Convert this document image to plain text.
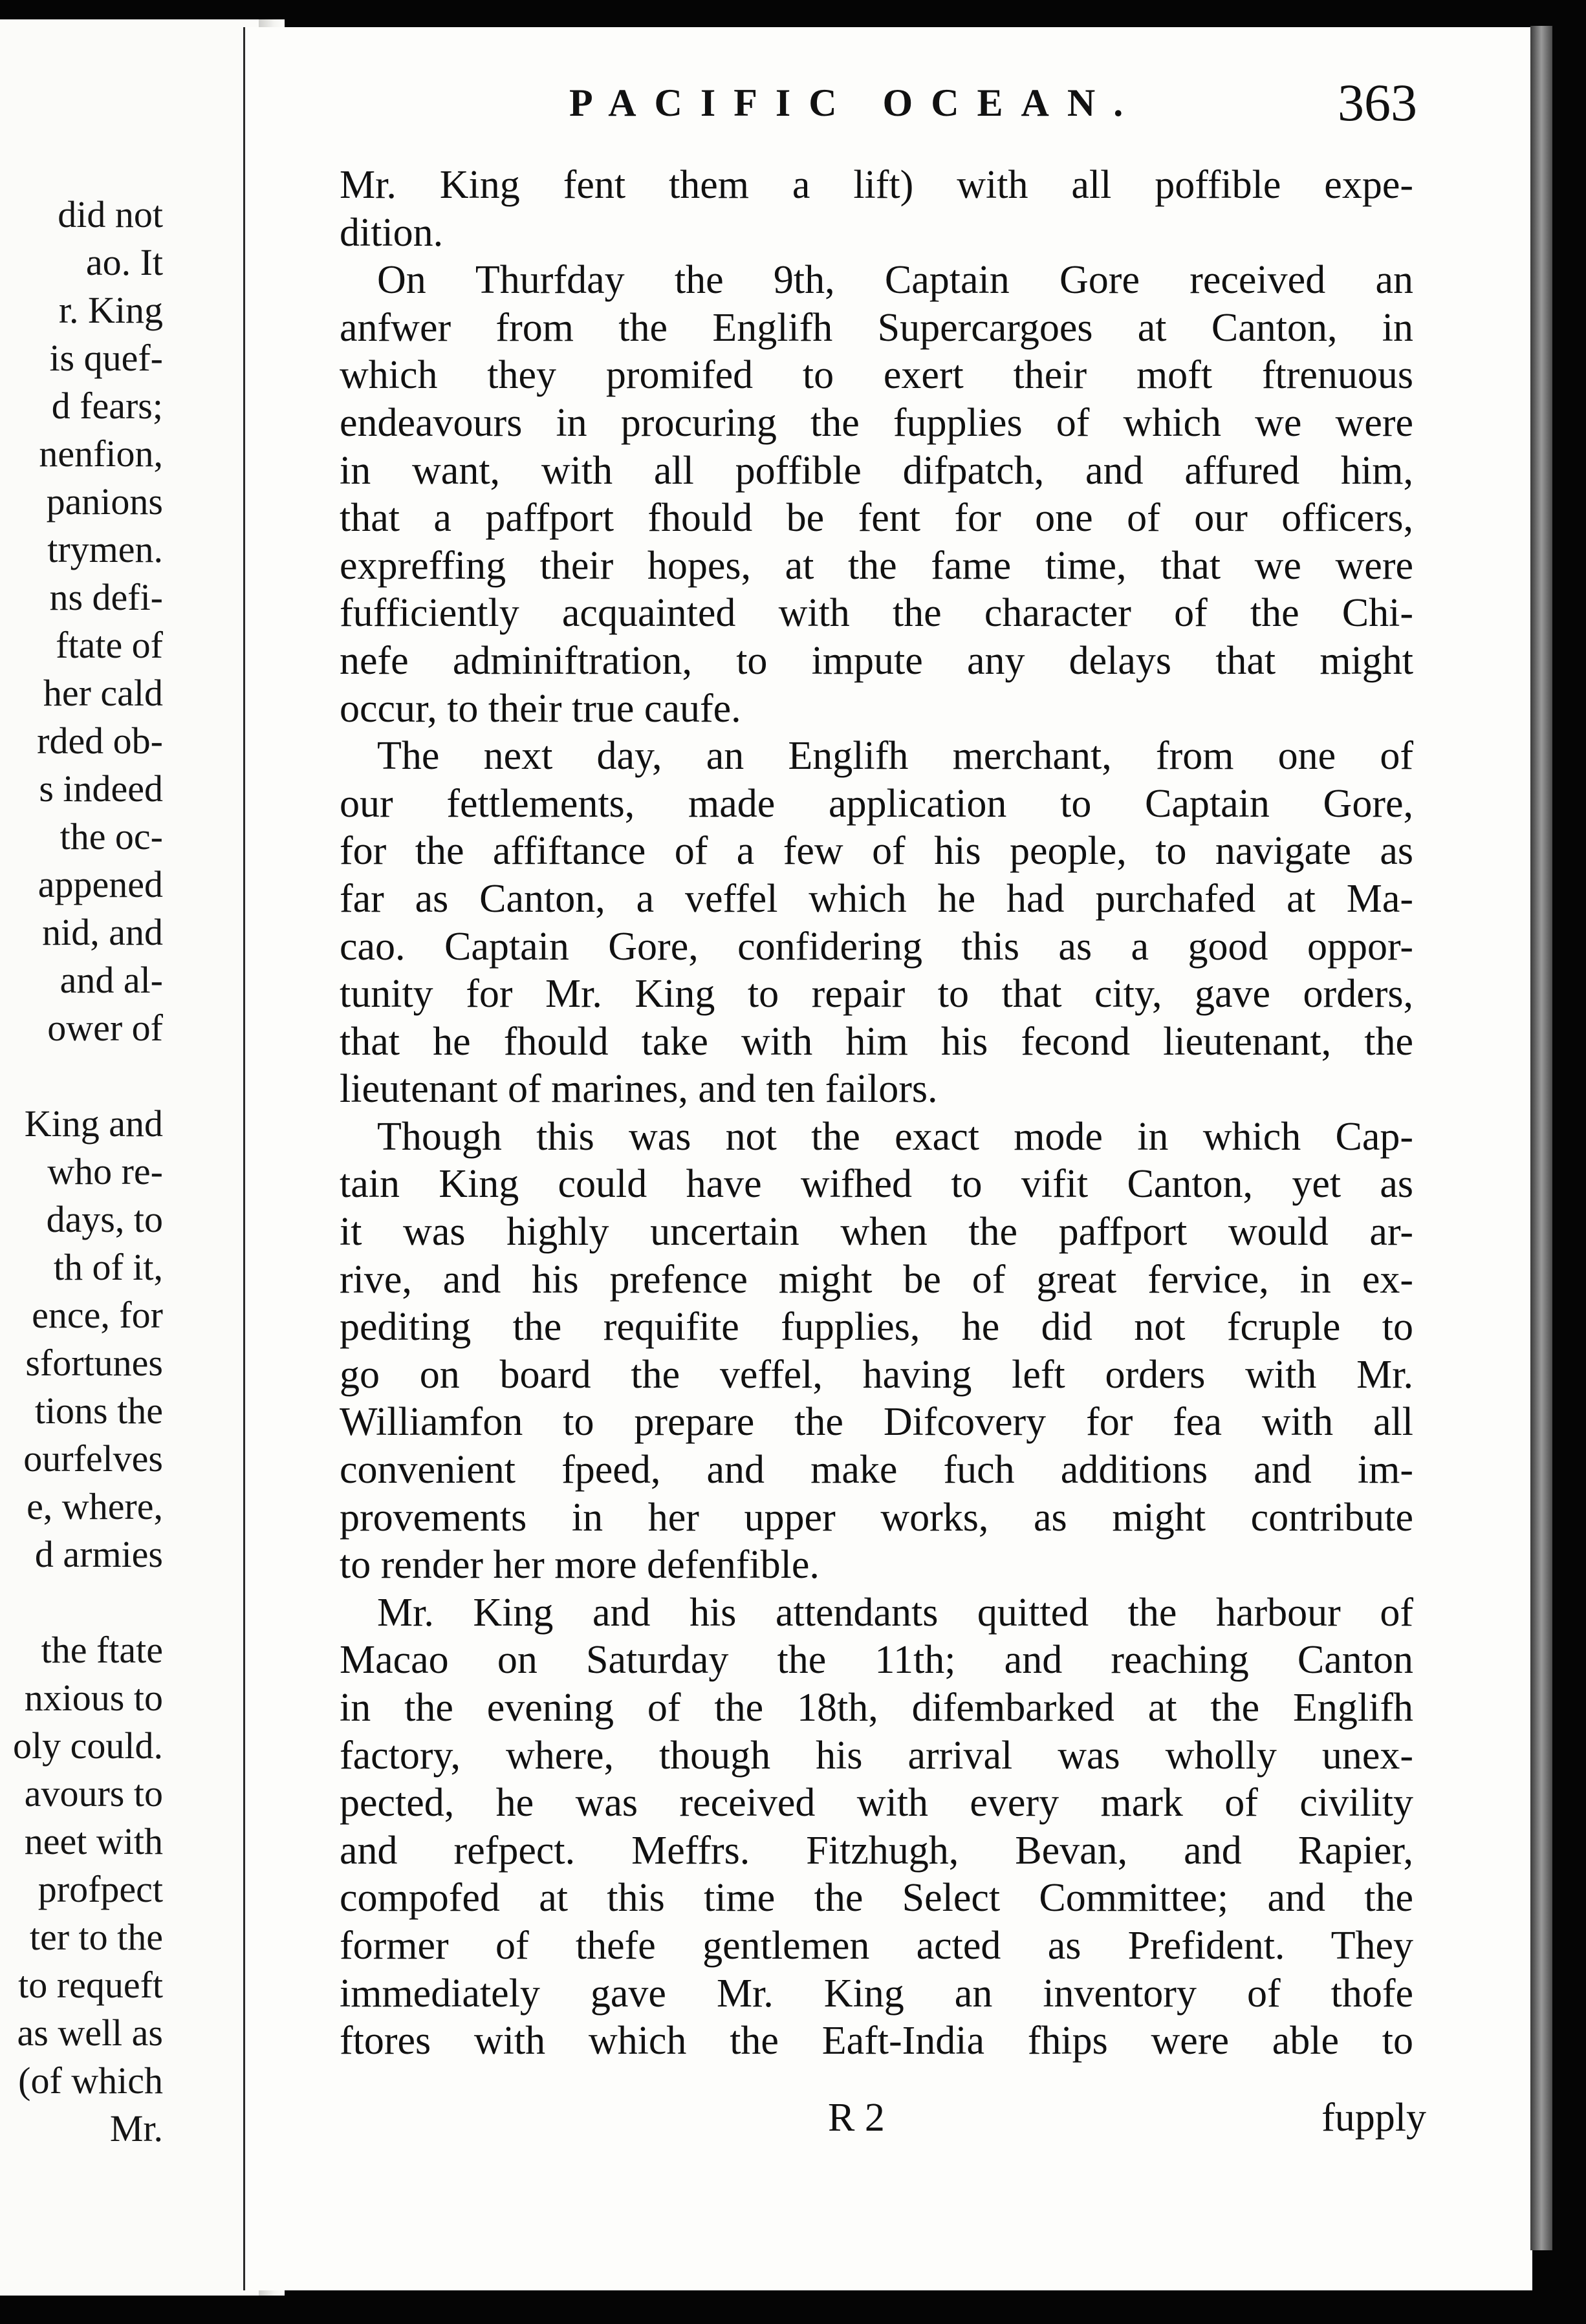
did not
ao. It
r. King
is quef-
d fears;
nenfion,
panions
trymen.
ns defi-
ftate of
her cald
rded ob-
s indeed
the oc-
appened
nid, and
and al-
ower of
King and
who re-
days, to
th of it,
ence, for
sfortunes
tions the
ourfelves
e, where,
d armies
the ftate
nxious to
oly could.
avours to
neet with
profpect
ter to the
to requeft
as well as
(of which
Mr.
PACIFIC OCEAN.	363
Mr. King fent them a lift) with all poffible expe-
dition.
On Thurfday the 9th, Captain Gore received an
anfwer from the Englifh Supercargoes at Canton, in
which they promifed to exert their moft ftrenuous
endeavours in procuring the fupplies of which we were
in want, with all poffible difpatch, and affured him,
that a paffport fhould be fent for one of our officers,
expreffing their hopes, at the fame time, that we were
fufficiently acquainted with the character of the Chi-
nefe adminiftration, to impute any delays that might
occur, to their true caufe.
The next day, an Englifh merchant, from one of
our fettlements, made application to Captain Gore,
for the affiftance of a few of his people, to navigate as
far as Canton, a veffel which he had purchafed at Ma-
cao. Captain Gore, confidering this as a good oppor-
tunity for Mr. King to repair to that city, gave orders,
that he fhould take with him his fecond lieutenant, the
lieutenant of marines, and ten failors.
Though this was not the exact mode in which Cap-
tain King could have wifhed to vifit Canton, yet as
it was highly uncertain when the paffport would ar-
rive, and his prefence might be of great fervice, in ex-
pediting the requifite fupplies, he did not fcruple to
go on board the veffel, having left orders with Mr.
Williamfon to prepare the Difcovery for fea with all
convenient fpeed, and make fuch additions and im-
provements in her upper works, as might contribute
to render her more defenfible.
Mr. King and his attendants quitted the harbour of
Macao on Saturday the 11th; and reaching Canton
in the evening of the 18th, difembarked at the Englifh
factory, where, though his arrival was wholly unex-
pected, he was received with every mark of civility
and refpect. Meffrs. Fitzhugh, Bevan, and Rapier,
compofed at this time the Select Committee; and the
former of thefe gentlemen acted as Prefident. They
immediately gave Mr. King an inventory of thofe
ftores with which the Eaft-India fhips were able to
R 2	fupply
